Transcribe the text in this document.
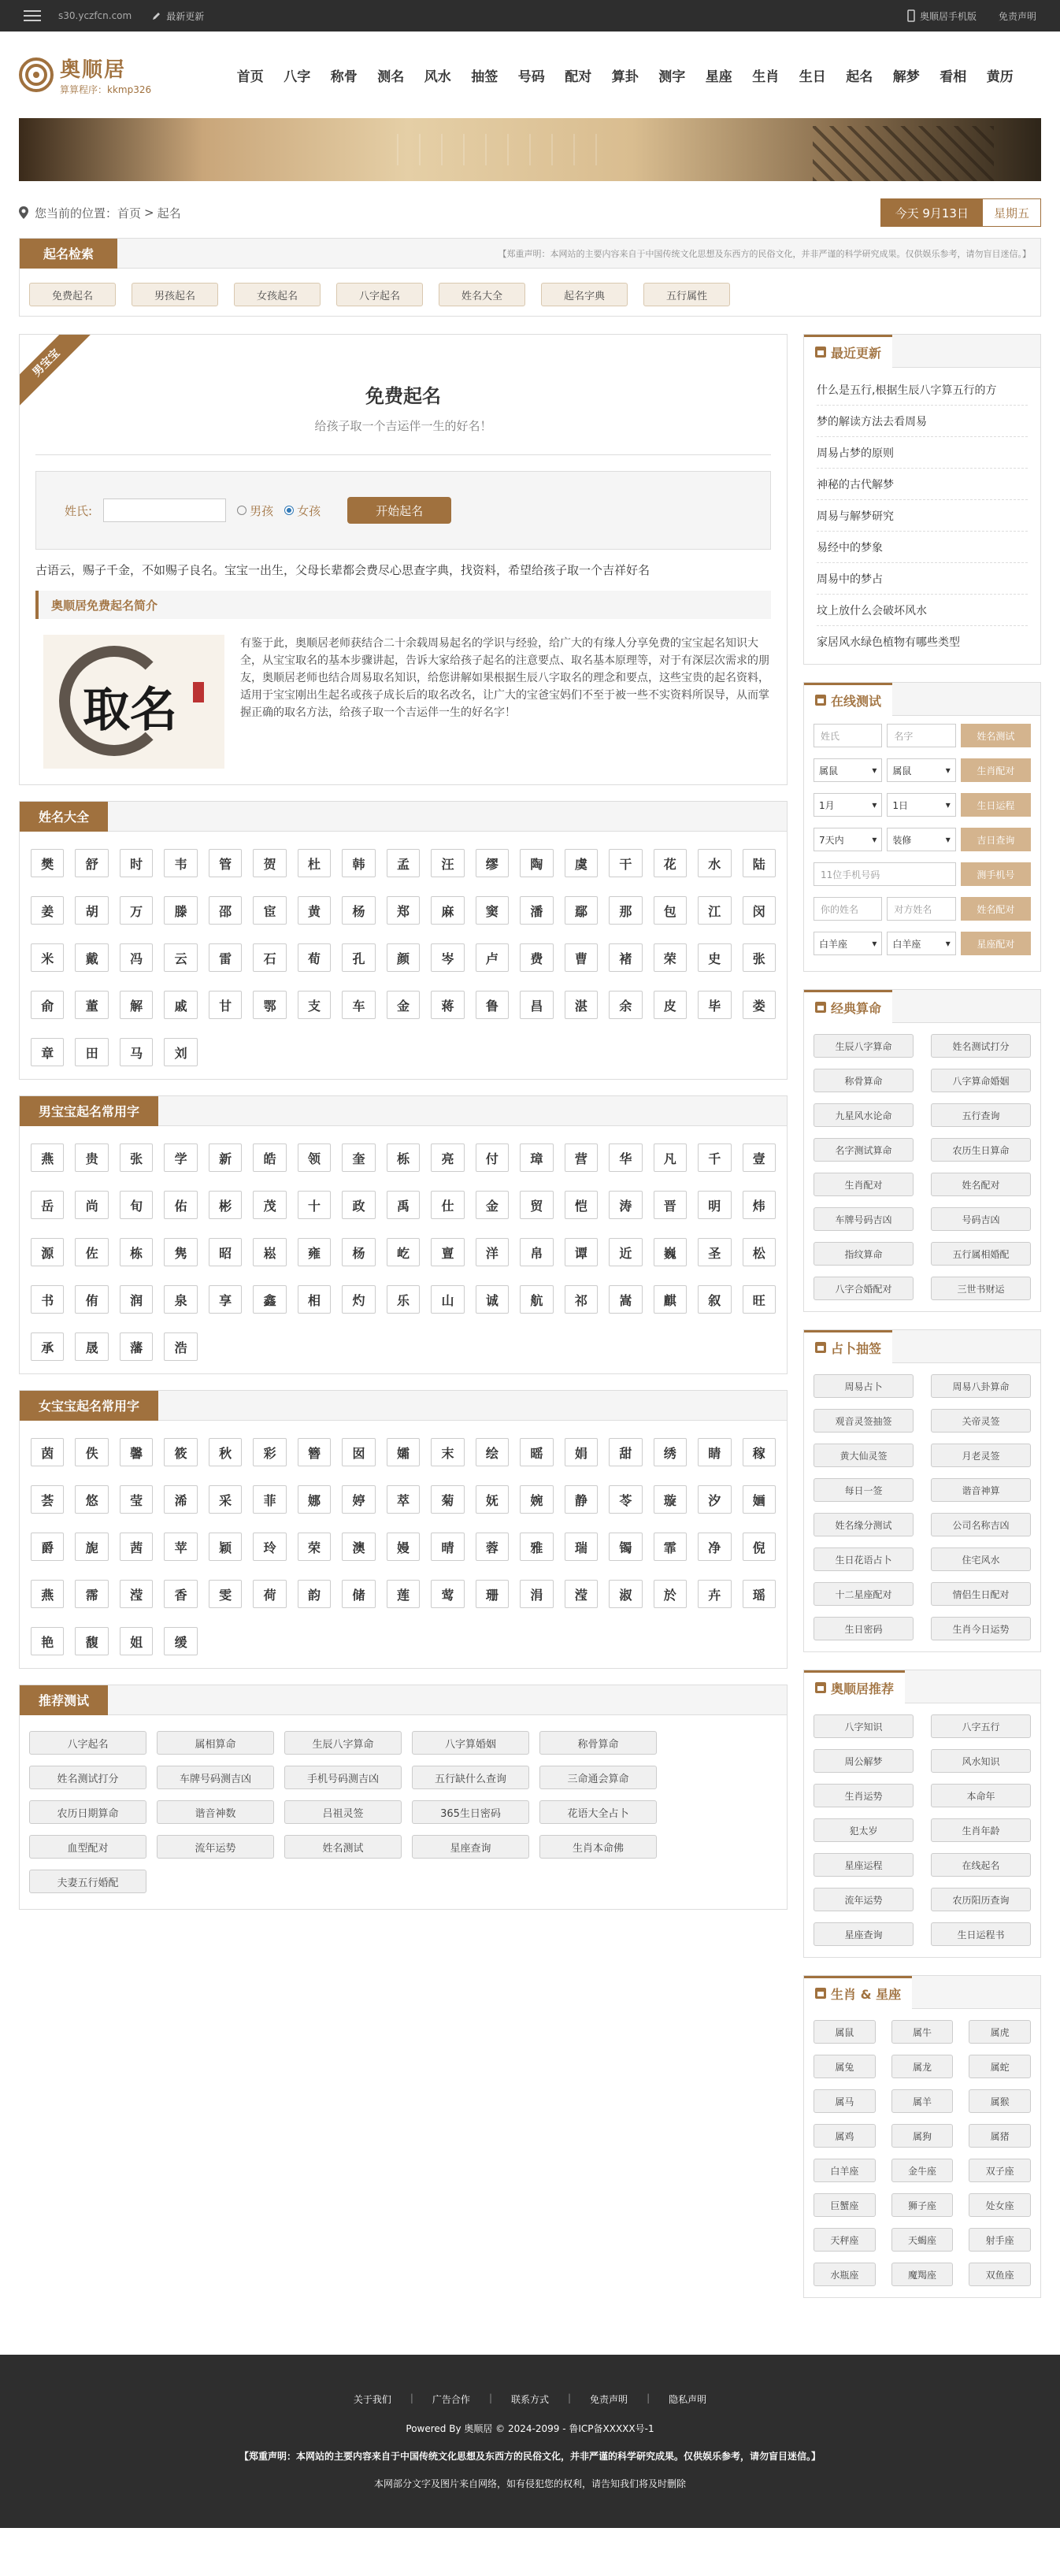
s30.yczfcn.com	最新更新	奥顺居手机版 免责声明
奥顺居
算算程序：kkmp326
首页	八字	称骨	测名	风水	抽签	号码	配对	算卦	测字	星座	生肖	生日	起名	解梦	看相	黄历
您当前的位置： 首页 > 起名	今天 9月13日	星期五
起名检索	【郑重声明：本网站的主要内容来自于中国传统文化思想及东西方的民俗文化，并非严谨的科学研究成果。仅供娱乐参考，请勿盲目迷信。】
免费起名	男孩起名	女孩起名	八字起名	姓名大全	起名字典	五行属性
男宝宝
免费起名
给孩子取一个吉运伴一生的好名！
姓氏:	男孩 女孩	开始起名
古语云，赐子千金，不如赐子良名。宝宝一出生，父母长辈都会费尽心思查字典，找资料，希望给孩子取一个吉祥好名
奥顺居免费起名简介
取名
有鉴于此，奥顺居老师获结合二十余载周易起名的学识与经验，给广大的有缘人分享免费的宝宝起名知识大全，从宝宝取名的基本步骤讲起，告诉大家给孩子起名的注意要点、取名基本原理等，对于有深层次需求的朋友，奥顺居老师也结合周易取名知识，给您讲解如果根据生辰八字取名的理念和要点，这些宝贵的起名资料，适用于宝宝刚出生起名或孩子成长后的取名改名，让广大的宝爸宝妈们不至于被一些不实资料所误导，从而掌握正确的取名方法，给孩子取一个吉运伴一生的好名字！
姓名大全
樊	舒	时	韦	管	贺	杜	韩	孟	汪	缪	陶	虞	干	花	水	陆
姜	胡	万	滕	邵	宦	黄	杨	郑	麻	窦	潘	鄢	那	包	江	闵
米	戴	冯	云	雷	石	荀	孔	颜	岑	卢	费	曹	褚	荣	史	张
俞	董	解	戚	甘	鄂	支	车	金	蒋	鲁	昌	湛	余	皮	毕	娄
章	田	马	刘
男宝宝起名常用字
燕	贵	张	学	新	皓	领	奎	栎	亮	付	璋	营	华	凡	千	壹
岳	尚	旬	佑	彬	茂	十	政	禹	仕	金	贸	恺	涛	晋	明	炜
源	佐	栋	隽	昭	崧	雍	杨	屹	亶	洋	帛	谭	近	巍	圣	松
书	侑	润	泉	享	鑫	相	灼	乐	山	诚	航	祁	嵩	麒	叙	旺
承	晟	藩	浩
女宝宝起名常用字
茵	佚	馨	筱	秋	彩	簪	囡	孀	末	绘	暚	娟	甜	绣	睛	稼
荟	悠	莹	浠	采	菲	娜	婷	萃	菊	妩	婉	静	苓	璇	汐	婳
爵	旎	茜	苹	颖	玲	荣	澳	嫚	晴	蓉	雅	瑞	镯	霏	净	倪
燕	霈	滢	香	雯	荷	韵	储	莲	莺	珊	涓	滢	淑	於	卉	瑶
艳	馥	姐	缓
推荐测试
八字起名	属相算命	生辰八字算命	八字算婚姻	称骨算命
姓名测试打分	车牌号码测吉凶	手机号码测吉凶	五行缺什么查询	三命通会算命
农历日期算命	谐音神数	吕祖灵签	365生日密码	花语大全占卜
血型配对	流年运势	姓名测试	星座查询	生肖本命佛
夫妻五行婚配
最近更新
什么是五行,根据生辰八字算五行的方
梦的解读方法去看周易
周易占梦的原则
神秘的古代解梦
周易与解梦研究
易经中的梦象
周易中的梦占
坟上放什么会破坏风水
家居风水绿色植物有哪些类型
在线测试
姓氏	名字	姓名测试
属鼠	▾ 属鼠	▾	生肖配对
1月	▾ 1日	▾	生日运程
7天内	▾ 装修	▾	吉日查询
11位手机号码	测手机号
你的姓名	对方姓名	姓名配对
白羊座	▾ 白羊座	▾	星座配对
经典算命
生辰八字算命	姓名测试打分
称骨算命	八字算命婚姻
九星风水论命	五行查询
名字测试算命	农历生日算命
生肖配对	姓名配对
车牌号码吉凶	号码吉凶
指纹算命	五行属相婚配
八字合婚配对	三世书财运
占卜抽签
周易占卜	周易八卦算命
观音灵签抽签	关帝灵签
黄大仙灵签	月老灵签
每日一签	谐音神算
姓名缘分测试	公司名称吉凶
生日花语占卜	住宅风水
十二星座配对	情侣生日配对
生日密码	生肖今日运势
奥顺居推荐
八字知识	八字五行
周公解梦	风水知识
生肖运势	本命年
犯太岁	生肖年龄
星座运程	在线起名
流年运势	农历阳历查询
星座查询	生日运程书
生肖 & 星座
属鼠	属牛	属虎
属兔	属龙	属蛇
属马	属羊	属猴
属鸡	属狗	属猪
白羊座	金牛座	双子座
巨蟹座	狮子座	处女座
天秤座	天蝎座	射手座
水瓶座	魔羯座	双鱼座
关于我们 | 广告合作 | 联系方式 | 免责声明 | 隐私声明

Powered By 奥顺居 © 2024-2099 - 鲁ICP备XXXXX号-1

【郑重声明：本网站的主要内容来自于中国传统文化思想及东西方的民俗文化，并非严谨的科学研究成果。仅供娱乐参考，请勿盲目迷信。】

本网部分文字及图片来自网络，如有侵犯您的权利，请告知我们将及时删除
